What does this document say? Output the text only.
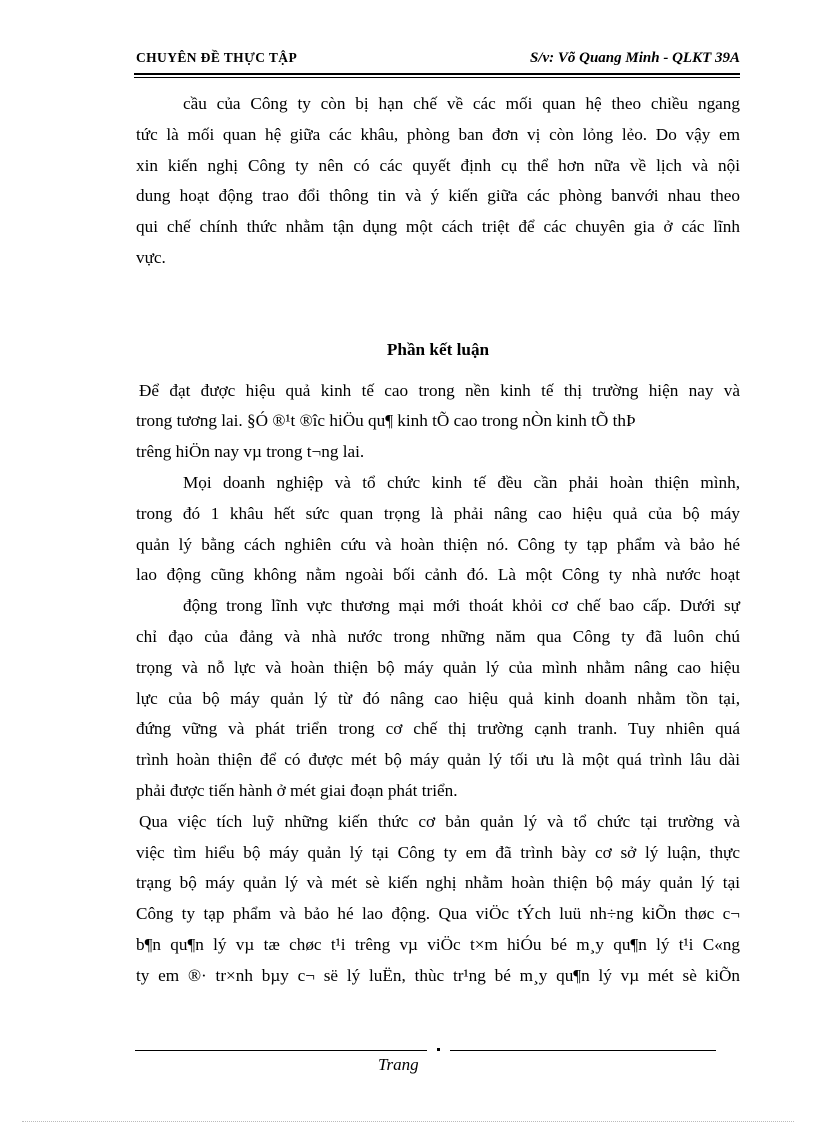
CHUYÊN ĐỀ THỰC TẬP	S/v: Võ Quang Minh - QLKT 39A
cầu của Công ty còn bị hạn chế về các mối quan hệ theo chiều ngang
tức là mối quan hệ giữa các khâu, phòng ban đơn vị còn lỏng lẻo. Do vậy em
xin kiến nghị Công ty nên có các quyết định cụ thể hơn nữa về lịch và nội
dung hoạt động trao đổi thông tin và ý kiến giữa các phòng banvới nhau theo
qui chế chính thức nhằm tận dụng một cách triệt để các chuyên gia ở các lĩnh
vực.
Phần kết luận
Để đạt được hiệu quả kinh tế cao trong nền kinh tế thị trường hiện nay và
trong tương lai. §Ó ®¹t ®îc hiÖu qu¶ kinh tÕ cao trong nÒn kinh tÕ thÞ
trêng hiÖn nay vµ trong t¬ng lai.
Mọi doanh nghiệp và tổ chức kinh tế đều cần phải hoàn thiện mình,
trong đó 1 khâu hết sức quan trọng là phải nâng cao hiệu quả của bộ máy
quản lý bằng cách nghiên cứu và hoàn thiện nó. Công ty tạp phẩm và bảo hé
lao động cũng không nằm ngoài bối cảnh đó. Là một Công ty nhà nước hoạt
động trong lĩnh vực thương mại mới thoát khỏi cơ chế bao cấp. Dưới sự
chỉ đạo của đảng và nhà nước trong những năm qua Công ty đã luôn chú
trọng và nỗ lực và hoàn thiện bộ máy quản lý của mình nhằm nâng cao hiệu
lực của bộ máy quản lý từ đó nâng cao hiệu quả kinh doanh nhằm tồn tại,
đứng vững và phát triển trong cơ chế thị trường cạnh tranh. Tuy nhiên quá
trình hoàn thiện để có được mét bộ máy quản lý tối ưu là một quá trình lâu dài
phải được tiến hành ở mét giai đoạn phát triển.
Qua việc tích luỹ những kiến thức cơ bản quản lý và tổ chức tại trường và
việc tìm hiểu bộ máy quản lý tại Công ty em đã trình bày cơ sở lý luận, thực
trạng bộ máy quản lý và mét sè kiến nghị nhằm hoàn thiện bộ máy quản lý tại
Công ty tạp phẩm và bảo hé lao động. Qua viÖc tÝch luü nh÷ng kiÕn thøc c¬
b¶n qu¶n lý vµ tæ chøc t¹i trêng vµ viÖc t×m hiÓu bé m¸y qu¶n lý t¹i C«ng
ty em ®· tr×nh bµy c¬ së lý luËn, thùc tr¹ng bé m¸y qu¶n lý vµ mét sè kiÕn
Trang
